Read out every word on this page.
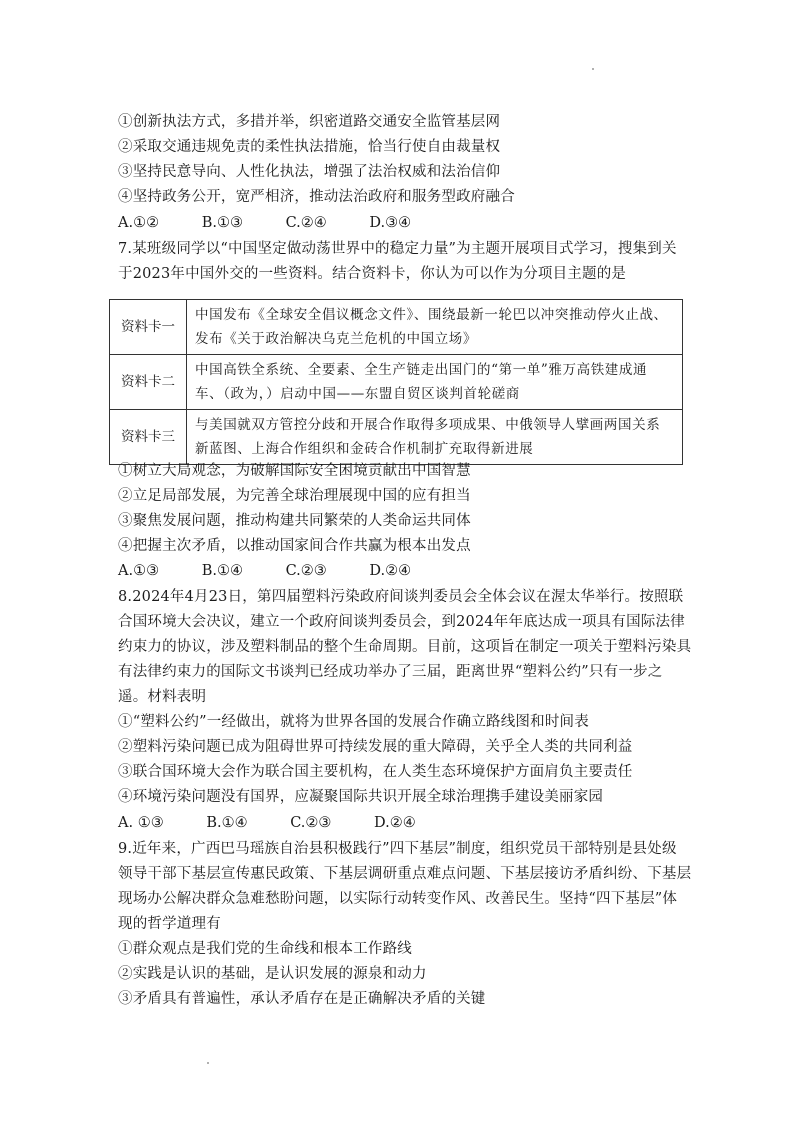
①创新执法方式，多措并举，织密道路交通安全监管基层网
②采取交通违规免责的柔性执法措施，恰当行使自由裁量权
③坚持民意导向、人性化执法，增强了法治权威和法治信仰
④坚持政务公开，宽严相济，推动法治政府和服务型政府融合
A.①②	B.①③	C.②④	D.③④
7.某班级同学以“中国坚定做动荡世界中的稳定力量”为主题开展项目式学习，搜集到关
于2023年中国外交的一些资料。结合资料卡，你认为可以作为分项目主题的是
资料卡一	中国发布《全球安全倡议概念文件》、围绕最新一轮巴以冲突推动停火止战、发布《关于政治解决乌克兰危机的中国立场》
资料卡二	中国高铁全系统、全要素、全生产链走出国门的“第一单”雅万高铁建成通车、（政为，）启动中国——东盟自贸区谈判首轮磋商
资料卡三	与美国就双方管控分歧和开展合作取得多项成果、中俄领导人擘画两国关系新蓝图、上海合作组织和金砖合作机制扩充取得新进展
①树立大局观念，为破解国际安全困境贡献出中国智慧
②立足局部发展，为完善全球治理展现中国的应有担当
③聚焦发展问题，推动构建共同繁荣的人类命运共同体
④把握主次矛盾，以推动国家间合作共赢为根本出发点
A.①③	B.①④	C.②③	D.②④
8.2024年4月23日，第四届塑料污染政府间谈判委员会全体会议在渥太华举行。按照联
合国环境大会决议，建立一个政府间谈判委员会，到2024年年底达成一项具有国际法律
约束力的协议，涉及塑料制品的整个生命周期。目前，这项旨在制定一项关于塑料污染具
有法律约束力的国际文书谈判已经成功举办了三届，距离世界“塑料公约”只有一步之
遥。材料表明
①“塑料公约”一经做出，就将为世界各国的发展合作确立路线图和时间表
②塑料污染问题已成为阻碍世界可持续发展的重大障碍，关乎全人类的共同利益
③联合国环境大会作为联合国主要机构，在人类生态环境保护方面肩负主要责任
④环境污染问题没有国界，应凝聚国际共识开展全球治理携手建设美丽家园
A. ①③	B.①④	C.②③	D.②④
9.近年来，广西巴马瑶族自治县积极践行”四下基层”制度，组织党员干部特别是县处级
领导干部下基层宣传惠民政策、下基层调研重点难点问题、下基层接访矛盾纠纷、下基层
现场办公解决群众急难愁盼问题，以实际行动转变作风、改善民生。坚持“四下基层”体
现的哲学道理有
①群众观点是我们党的生命线和根本工作路线
②实践是认识的基础，是认识发展的源泉和动力
③矛盾具有普遍性，承认矛盾存在是正确解决矛盾的关键
